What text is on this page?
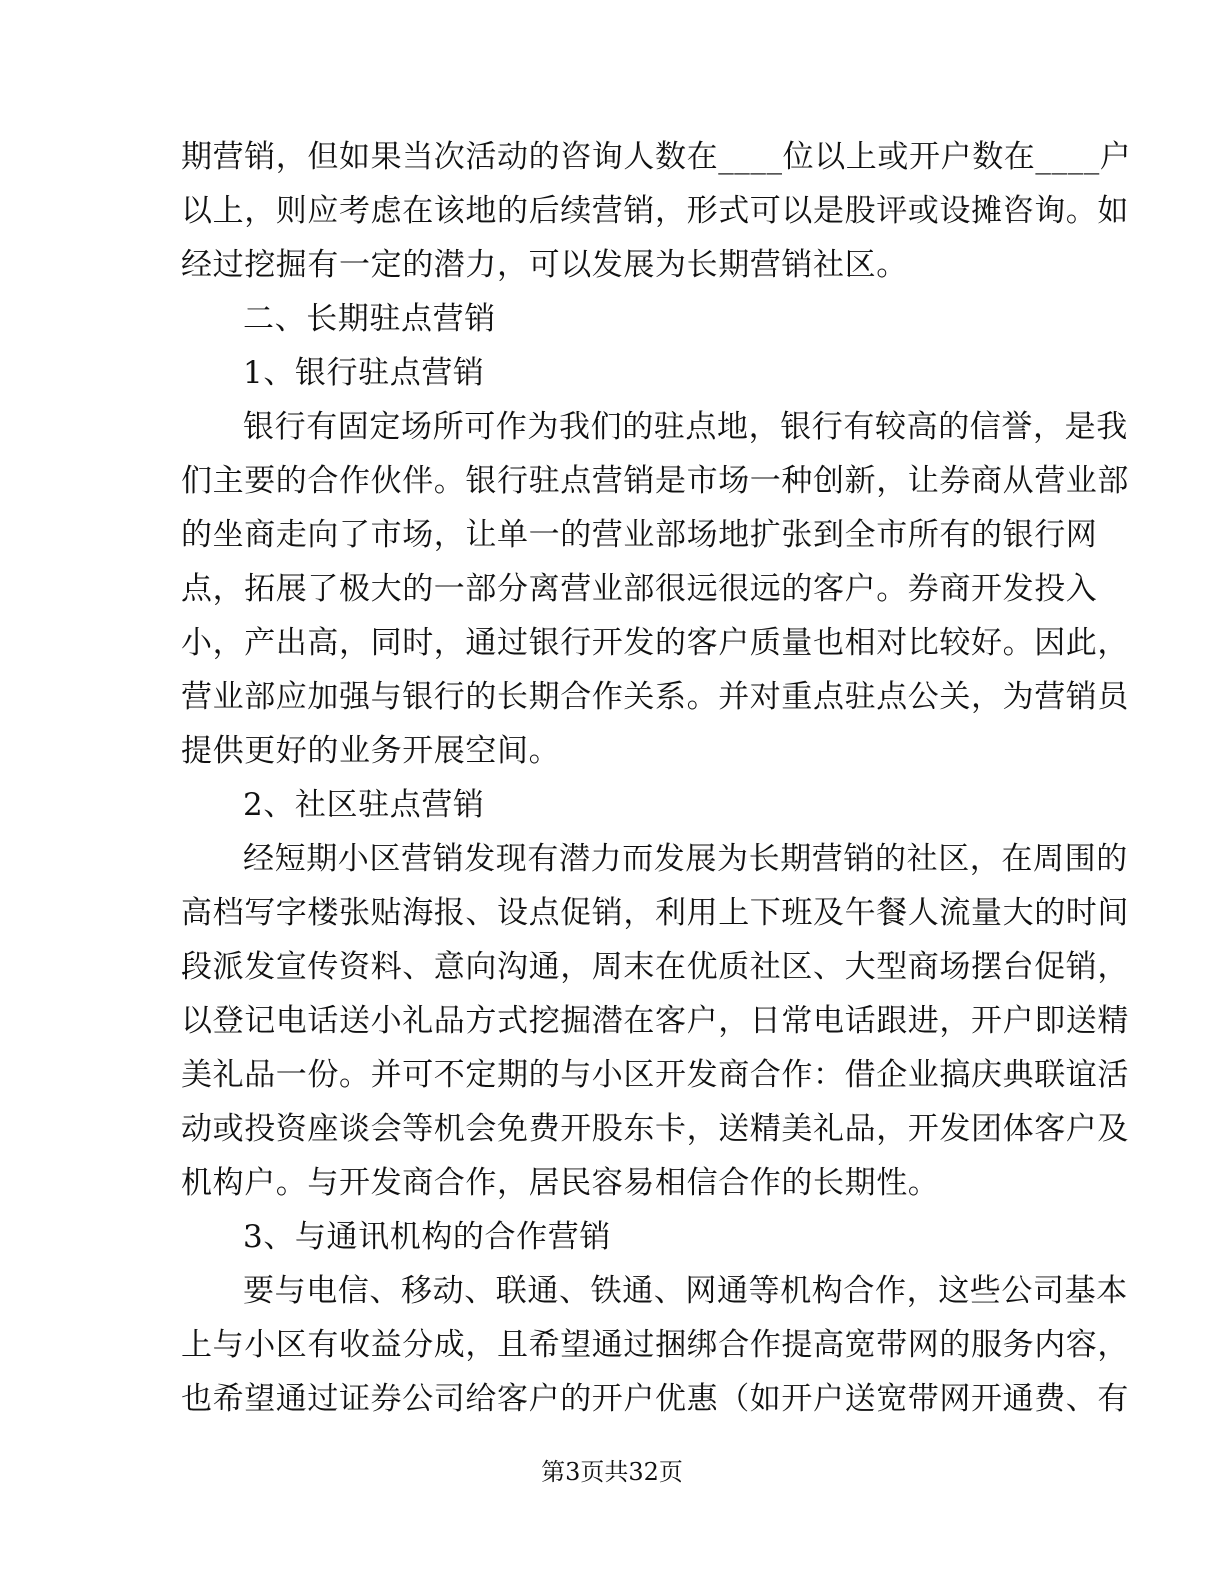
期营销，但如果当次活动的咨询人数在____位以上或开户数在____户
以上，则应考虑在该地的后续营销，形式可以是股评或设摊咨询。如
经过挖掘有一定的潜力，可以发展为长期营销社区。
二、长期驻点营销
1、银行驻点营销
银行有固定场所可作为我们的驻点地，银行有较高的信誉，是我
们主要的合作伙伴。银行驻点营销是市场一种创新，让券商从营业部
的坐商走向了市场，让单一的营业部场地扩张到全市所有的银行网
点，拓展了极大的一部分离营业部很远很远的客户。券商开发投入
小，产出高，同时，通过银行开发的客户质量也相对比较好。因此，
营业部应加强与银行的长期合作关系。并对重点驻点公关，为营销员
提供更好的业务开展空间。
2、社区驻点营销
经短期小区营销发现有潜力而发展为长期营销的社区，在周围的
高档写字楼张贴海报、设点促销，利用上下班及午餐人流量大的时间
段派发宣传资料、意向沟通，周末在优质社区、大型商场摆台促销，
以登记电话送小礼品方式挖掘潜在客户，日常电话跟进，开户即送精
美礼品一份。并可不定期的与小区开发商合作：借企业搞庆典联谊活
动或投资座谈会等机会免费开股东卡，送精美礼品，开发团体客户及
机构户。与开发商合作，居民容易相信合作的长期性。
3、与通讯机构的合作营销
要与电信、移动、联通、铁通、网通等机构合作，这些公司基本
上与小区有收益分成，且希望通过捆绑合作提高宽带网的服务内容，
也希望通过证券公司给客户的开户优惠（如开户送宽带网开通费、有
第3页共32页
